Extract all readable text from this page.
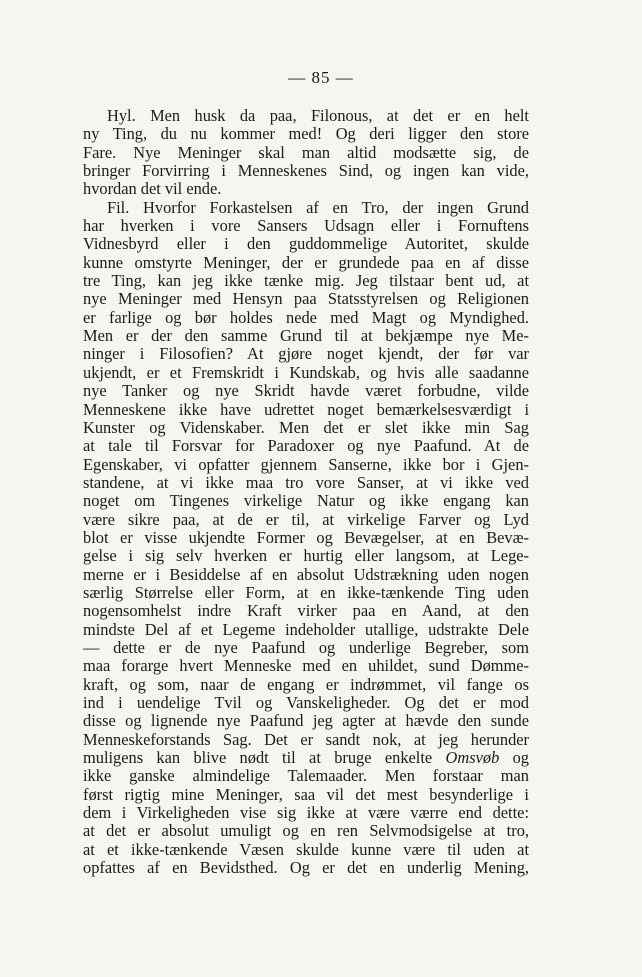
— 85 —
Hyl. Men husk da paa, Filonous, at det er en helt
ny Ting, du nu kommer med! Og deri ligger den store
Fare. Nye Meninger skal man altid modsætte sig, de
bringer Forvirring i Menneskenes Sind, og ingen kan vide,
hvordan det vil ende.
Fil. Hvorfor Forkastelsen af en Tro, der ingen Grund
har hverken i vore Sansers Udsagn eller i Fornuftens
Vidnesbyrd eller i den guddommelige Autoritet, skulde
kunne omstyrte Meninger, der er grundede paa en af disse
tre Ting, kan jeg ikke tænke mig. Jeg tilstaar bent ud, at
nye Meninger med Hensyn paa Statsstyrelsen og Religionen
er farlige og bør holdes nede med Magt og Myndighed.
Men er der den samme Grund til at bekjæmpe nye Me-
ninger i Filosofien? At gjøre noget kjendt, der før var
ukjendt, er et Fremskridt i Kundskab, og hvis alle saadanne
nye Tanker og nye Skridt havde været forbudne, vilde
Menneskene ikke have udrettet noget bemærkelsesværdigt i
Kunster og Videnskaber. Men det er slet ikke min Sag
at tale til Forsvar for Paradoxer og nye Paafund. At de
Egenskaber, vi opfatter gjennem Sanserne, ikke bor i Gjen-
standene, at vi ikke maa tro vore Sanser, at vi ikke ved
noget om Tingenes virkelige Natur og ikke engang kan
være sikre paa, at de er til, at virkelige Farver og Lyd
blot er visse ukjendte Former og Bevægelser, at en Bevæ-
gelse i sig selv hverken er hurtig eller langsom, at Lege-
merne er i Besiddelse af en absolut Udstrækning uden nogen
særlig Størrelse eller Form, at en ikke-tænkende Ting uden
nogensomhelst indre Kraft virker paa en Aand, at den
mindste Del af et Legeme indeholder utallige, udstrakte Dele
— dette er de nye Paafund og underlige Begreber, som
maa forarge hvert Menneske med en uhildet, sund Dømme-
kraft, og som, naar de engang er indrømmet, vil fange os
ind i uendelige Tvil og Vanskeligheder. Og det er mod
disse og lignende nye Paafund jeg agter at hævde den sunde
Menneskeforstands Sag. Det er sandt nok, at jeg herunder
muligens kan blive nødt til at bruge enkelte Omsvøb og
ikke ganske almindelige Talemaader. Men forstaar man
først rigtig mine Meninger, saa vil det mest besynderlige i
dem i Virkeligheden vise sig ikke at være værre end dette:
at det er absolut umuligt og en ren Selvmodsigelse at tro,
at et ikke-tænkende Væsen skulde kunne være til uden at
opfattes af en Bevidsthed. Og er det en underlig Mening,
